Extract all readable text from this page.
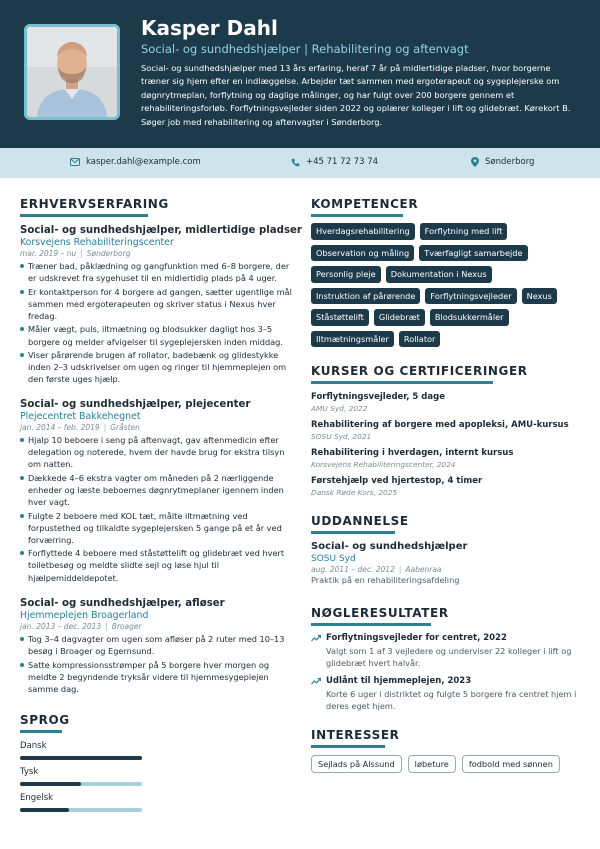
Kasper Dahl
Social- og sundhedshjælper | Rehabilitering og aftenvagt
Social- og sundhedshjælper med 13 års erfaring, heraf 7 år på midlertidige pladser, hvor borgerne træner sig hjem efter en indlæggelse. Arbejder tæt sammen med ergoterapeut og sygeplejerske om døgnrytmeplan, forflytning og daglige målinger, og har fulgt over 200 borgere gennem et rehabiliteringsforløb. Forflytningsvejleder siden 2022 og oplærer kolleger i lift og glidebræt. Kørekort B. Søger job med rehabilitering og aftenvagter i Sønderborg.
kasper.dahl@example.com	+45 71 72 73 74	Sønderborg
ERHVERVSERFARING
Social- og sundhedshjælper, midlertidige pladser
Korsvejens Rehabiliteringscenter
mar. 2019 – nu | Sønderborg
Træner bad, påklædning og gangfunktion med 6–8 borgere, der er udskrevet fra sygehuset til en midlertidig plads på 4 uger.
Er kontaktperson for 4 borgere ad gangen, sætter ugentlige mål sammen med ergoterapeuten og skriver status i Nexus hver fredag.
Måler vægt, puls, iltmætning og blodsukker dagligt hos 3–5 borgere og melder afvigelser til sygeplejersken inden middag.
Viser pårørende brugen af rollator, badebænk og glidestykke inden 2–3 udskrivelser om ugen og ringer til hjemmeplejen om den første uges hjælp.
Social- og sundhedshjælper, plejecenter
Plejecentret Bakkehegnet
jan. 2014 – feb. 2019 | Gråsten
Hjalp 10 beboere i seng på aftenvagt, gav aftenmedicin efter delegation og noterede, hvem der havde brug for ekstra tilsyn om natten.
Dækkede 4–6 ekstra vagter om måneden på 2 nærliggende enheder og læste beboernes døgnrytmeplaner igennem inden hver vagt.
Fulgte 2 beboere med KOL tæt, målte iltmætning ved forpustethed og tilkaldte sygeplejersken 5 gange på et år ved forværring.
Forflyttede 4 beboere med ståstøttelift og glidebræt ved hvert toiletbesøg og meldte slidte sejl og løse hjul til hjælpemiddeldepotet.
Social- og sundhedshjælper, afløser
Hjemmeplejen Broagerland
jan. 2013 – dec. 2013 | Broager
Tog 3–4 dagvagter om ugen som afløser på 2 ruter med 10–13 besøg i Broager og Egernsund.
Satte kompressionsstrømper på 5 borgere hver morgen og meldte 2 begyndende tryksår videre til hjemmesygeplejen samme dag.
SPROG
Dansk
Tysk
Engelsk
KOMPETENCER
Hverdagsrehabilitering	Forflytning med lift
Observation og måling	Tværfagligt samarbejde
Personlig pleje	Dokumentation i Nexus
Instruktion af pårørende	Forflytningsvejleder	Nexus
Ståstøttelift	Glidebræt	Blodsukkermåler
Iltmætningsmåler	Rollator
KURSER OG CERTIFICERINGER
Forflytningsvejleder, 5 dage
AMU Syd, 2022
Rehabilitering af borgere med apopleksi, AMU-kursus
SOSU Syd, 2021
Rehabilitering i hverdagen, internt kursus
Korsvejens Rehabiliteringscenter, 2024
Førstehjælp ved hjertestop, 4 timer
Dansk Røde Kors, 2025
UDDANNELSE
Social- og sundhedshjælper
SOSU Syd
aug. 2011 – dec. 2012 | Aabenraa
Praktik på en rehabiliteringsafdeling
NØGLERESULTATER
Forflytningsvejleder for centret, 2022
Valgt som 1 af 3 vejledere og underviser 22 kolleger i lift og glidebræt hvert halvår.
Udlånt til hjemmeplejen, 2023
Korte 6 uger i distriktet og fulgte 5 borgere fra centret hjem i deres eget hjem.
INTERESSER
Sejlads på Alssund	løbeture	fodbold med sønnen
